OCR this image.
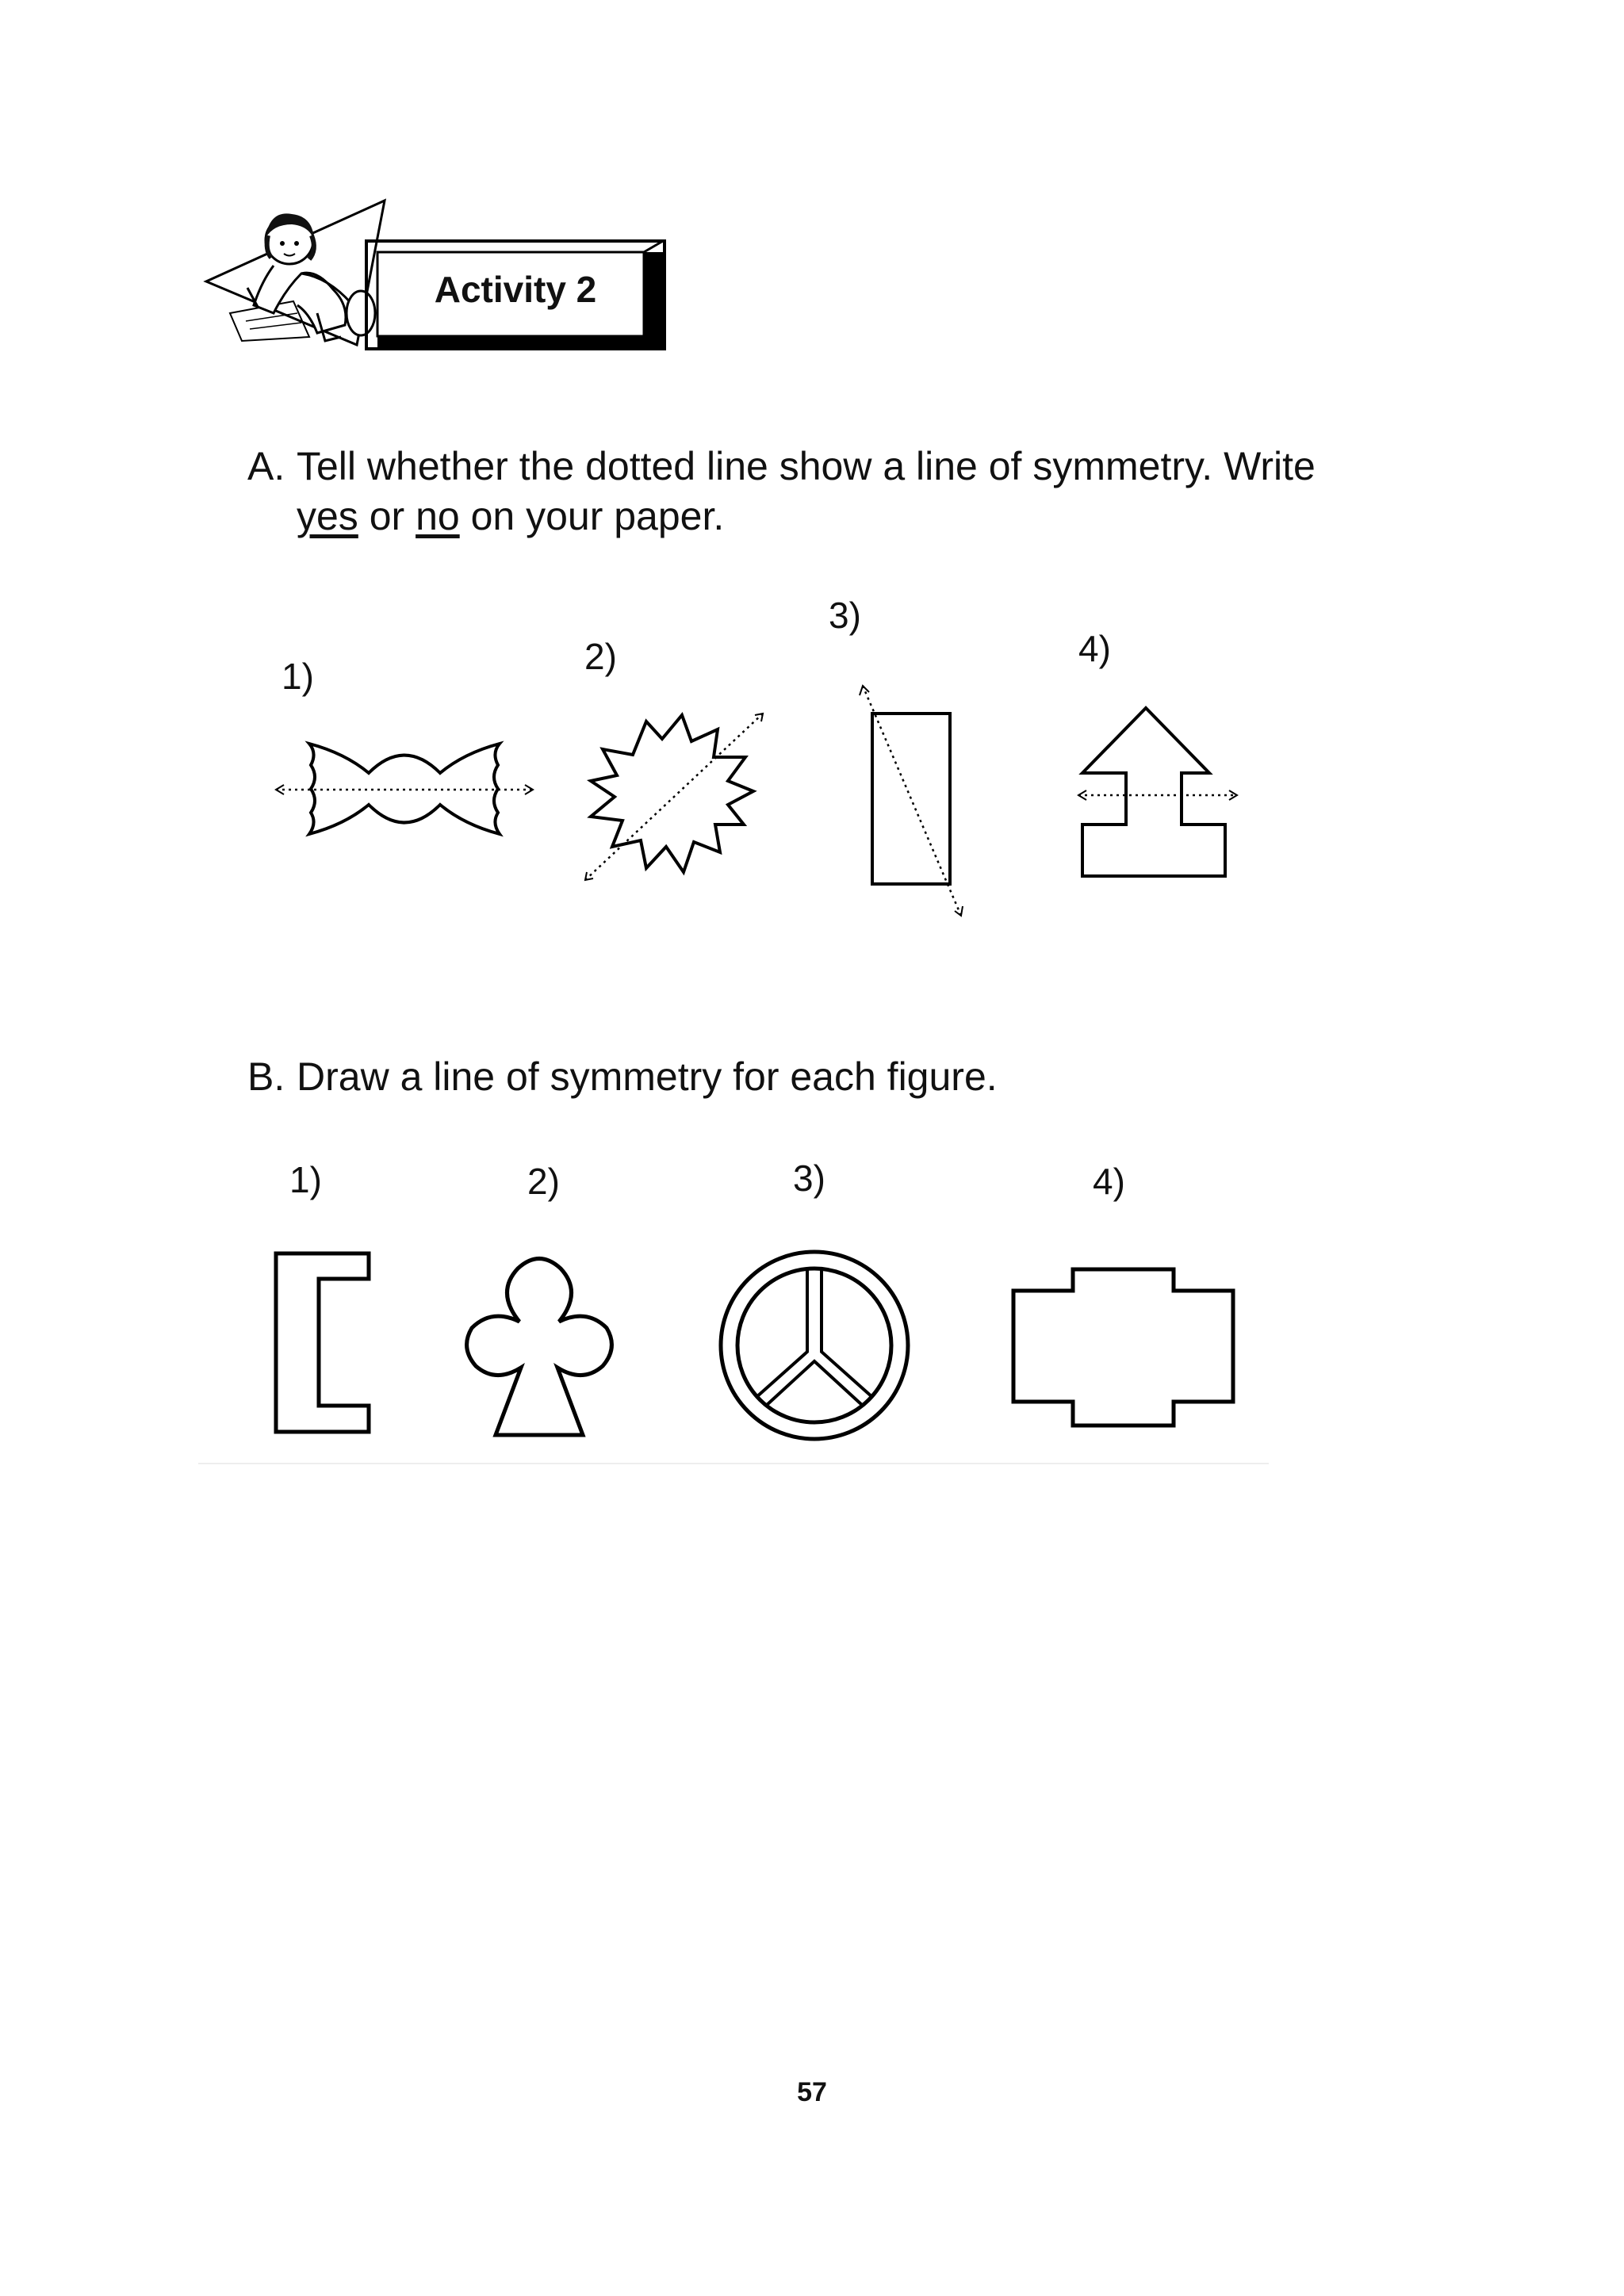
Activity 2
A. Tell whether the dotted line show a line of symmetry. Write
yes or no on your paper.
1)	2)
3)
4)
B. Draw a line of symmetry for each figure.
1)	2)	3)	4)
57
